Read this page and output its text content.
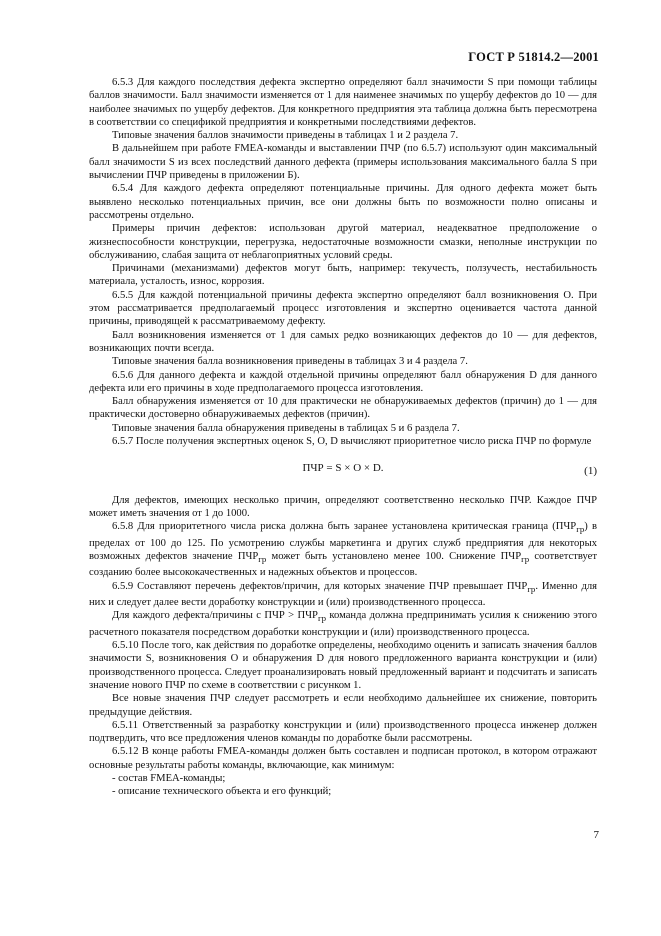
ГОСТ Р 51814.2—2001

6.5.3 Для каждого последствия дефекта экспертно определяют балл значимости S при помощи таблицы баллов значимости. Балл значимости изменяется от 1 для наименее значимых по ущербу дефектов до 10 — для наиболее значимых по ущербу дефектов. Для конкретного предприятия эта таблица должна быть пересмотрена в соответствии со спецификой предприятия и конкретными последствиями дефектов.

Типовые значения баллов значимости приведены в таблицах 1 и 2 раздела 7.

В дальнейшем при работе FMEA-команды и выставлении ПЧР (по 6.5.7) используют один максимальный балл значимости S из всех последствий данного дефекта (примеры использования максимального балла S при вычислении ПЧР приведены в приложении Б).

6.5.4 Для каждого дефекта определяют потенциальные причины. Для одного дефекта может быть выявлено несколько потенциальных причин, все они должны быть по возможности полно описаны и рассмотрены отдельно.

Примеры причин дефектов: использован другой материал, неадекватное предположение о жизнеспособности конструкции, перегрузка, недостаточные возможности смазки, неполные инструкции по обслуживанию, слабая защита от неблагоприятных условий среды.

Причинами (механизмами) дефектов могут быть, например: текучесть, ползучесть, нестабильность материала, усталость, износ, коррозия.

6.5.5 Для каждой потенциальной причины дефекта экспертно определяют балл возникновения O. При этом рассматривается предполагаемый процесс изготовления и экспертно оценивается частота данной причины, приводящей к рассматриваемому дефекту.

Балл возникновения изменяется от 1 для самых редко возникающих дефектов до 10 — для дефектов, возникающих почти всегда.

Типовые значения балла возникновения приведены в таблицах 3 и 4 раздела 7.

6.5.6 Для данного дефекта и каждой отдельной причины определяют балл обнаружения D для данного дефекта или его причины в ходе предполагаемого процесса изготовления.

Балл обнаружения изменяется от 10 для практически не обнаруживаемых дефектов (причин) до 1 — для практически достоверно обнаруживаемых дефектов (причин).

Типовые значения балла обнаружения приведены в таблицах 5 и 6 раздела 7.

6.5.7 После получения экспертных оценок S, O, D вычисляют приоритетное число риска ПЧР по формуле

ПЧР = S × O × D.	(1)

Для дефектов, имеющих несколько причин, определяют соответственно несколько ПЧР. Каждое ПЧР может иметь значения от 1 до 1000.

6.5.8 Для приоритетного числа риска должна быть заранее установлена критическая граница $(ПЧР_{гр})$ в пределах от 100 до 125. По усмотрению службы маркетинга и других служб предприятия для некоторых возможных дефектов значение $ПЧР_{гр}$ может быть установлено менее 100. Снижение $ПЧР_{гр}$ соответствует созданию более высококачественных и надежных объектов и процессов.

6.5.9 Составляют перечень дефектов/причин, для которых значение ПЧР превышает $ПЧР_{гр}$. Именно для них и следует далее вести доработку конструкции и (или) производственного процесса.

Для каждого дефекта/причины с ПЧР > $ПЧР_{гр}$ команда должна предпринимать усилия к снижению этого расчетного показателя посредством доработки конструкции и (или) производственного процесса.

6.5.10 После того, как действия по доработке определены, необходимо оценить и записать значения баллов значимости S, возникновения O и обнаружения D для нового предложенного варианта конструкции и (или) производственного процесса. Следует проанализировать новый предложенный вариант и подсчитать и записать значение нового ПЧР по схеме в соответствии с рисунком 1.

Все новые значения ПЧР следует рассмотреть и если необходимо дальнейшее их снижение, повторить предыдущие действия.

6.5.11 Ответственный за разработку конструкции и (или) производственного процесса инженер должен подтвердить, что все предложения членов команды по доработке были рассмотрены.

6.5.12 В конце работы FMEA-команды должен быть составлен и подписан протокол, в котором отражают основные результаты работы команды, включающие, как минимум:

- состав FMEA-команды;

- описание технического объекта и его функций;

7
